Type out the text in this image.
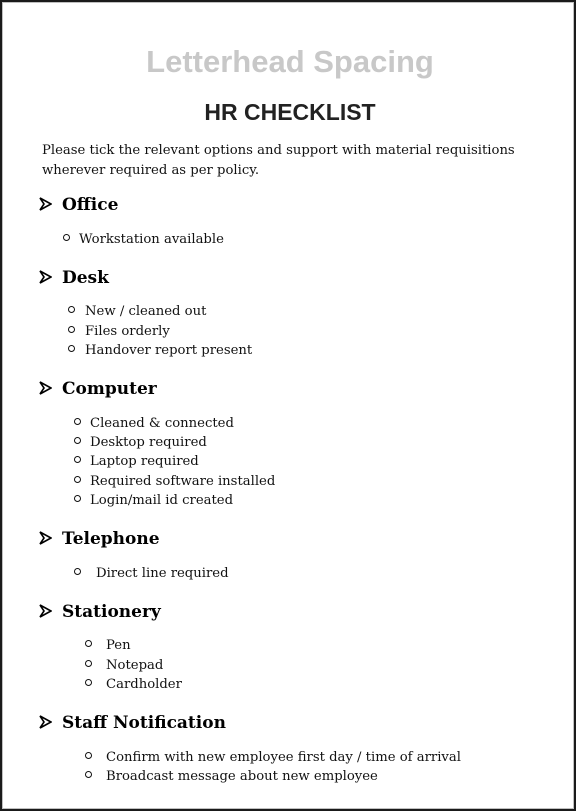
Letterhead Spacing
HR CHECKLIST
Please tick the relevant options and support with material requisitions wherever required as per policy.
Office
Workstation available
Desk
New / cleaned out
Files orderly
Handover report present
Computer
Cleaned & connected
Desktop required
Laptop required
Required software installed
Login/mail id created
Telephone
Direct line required
Stationery
Pen
Notepad
Cardholder
Staff Notification
Confirm with new employee first day / time of arrival
Broadcast message about new employee
